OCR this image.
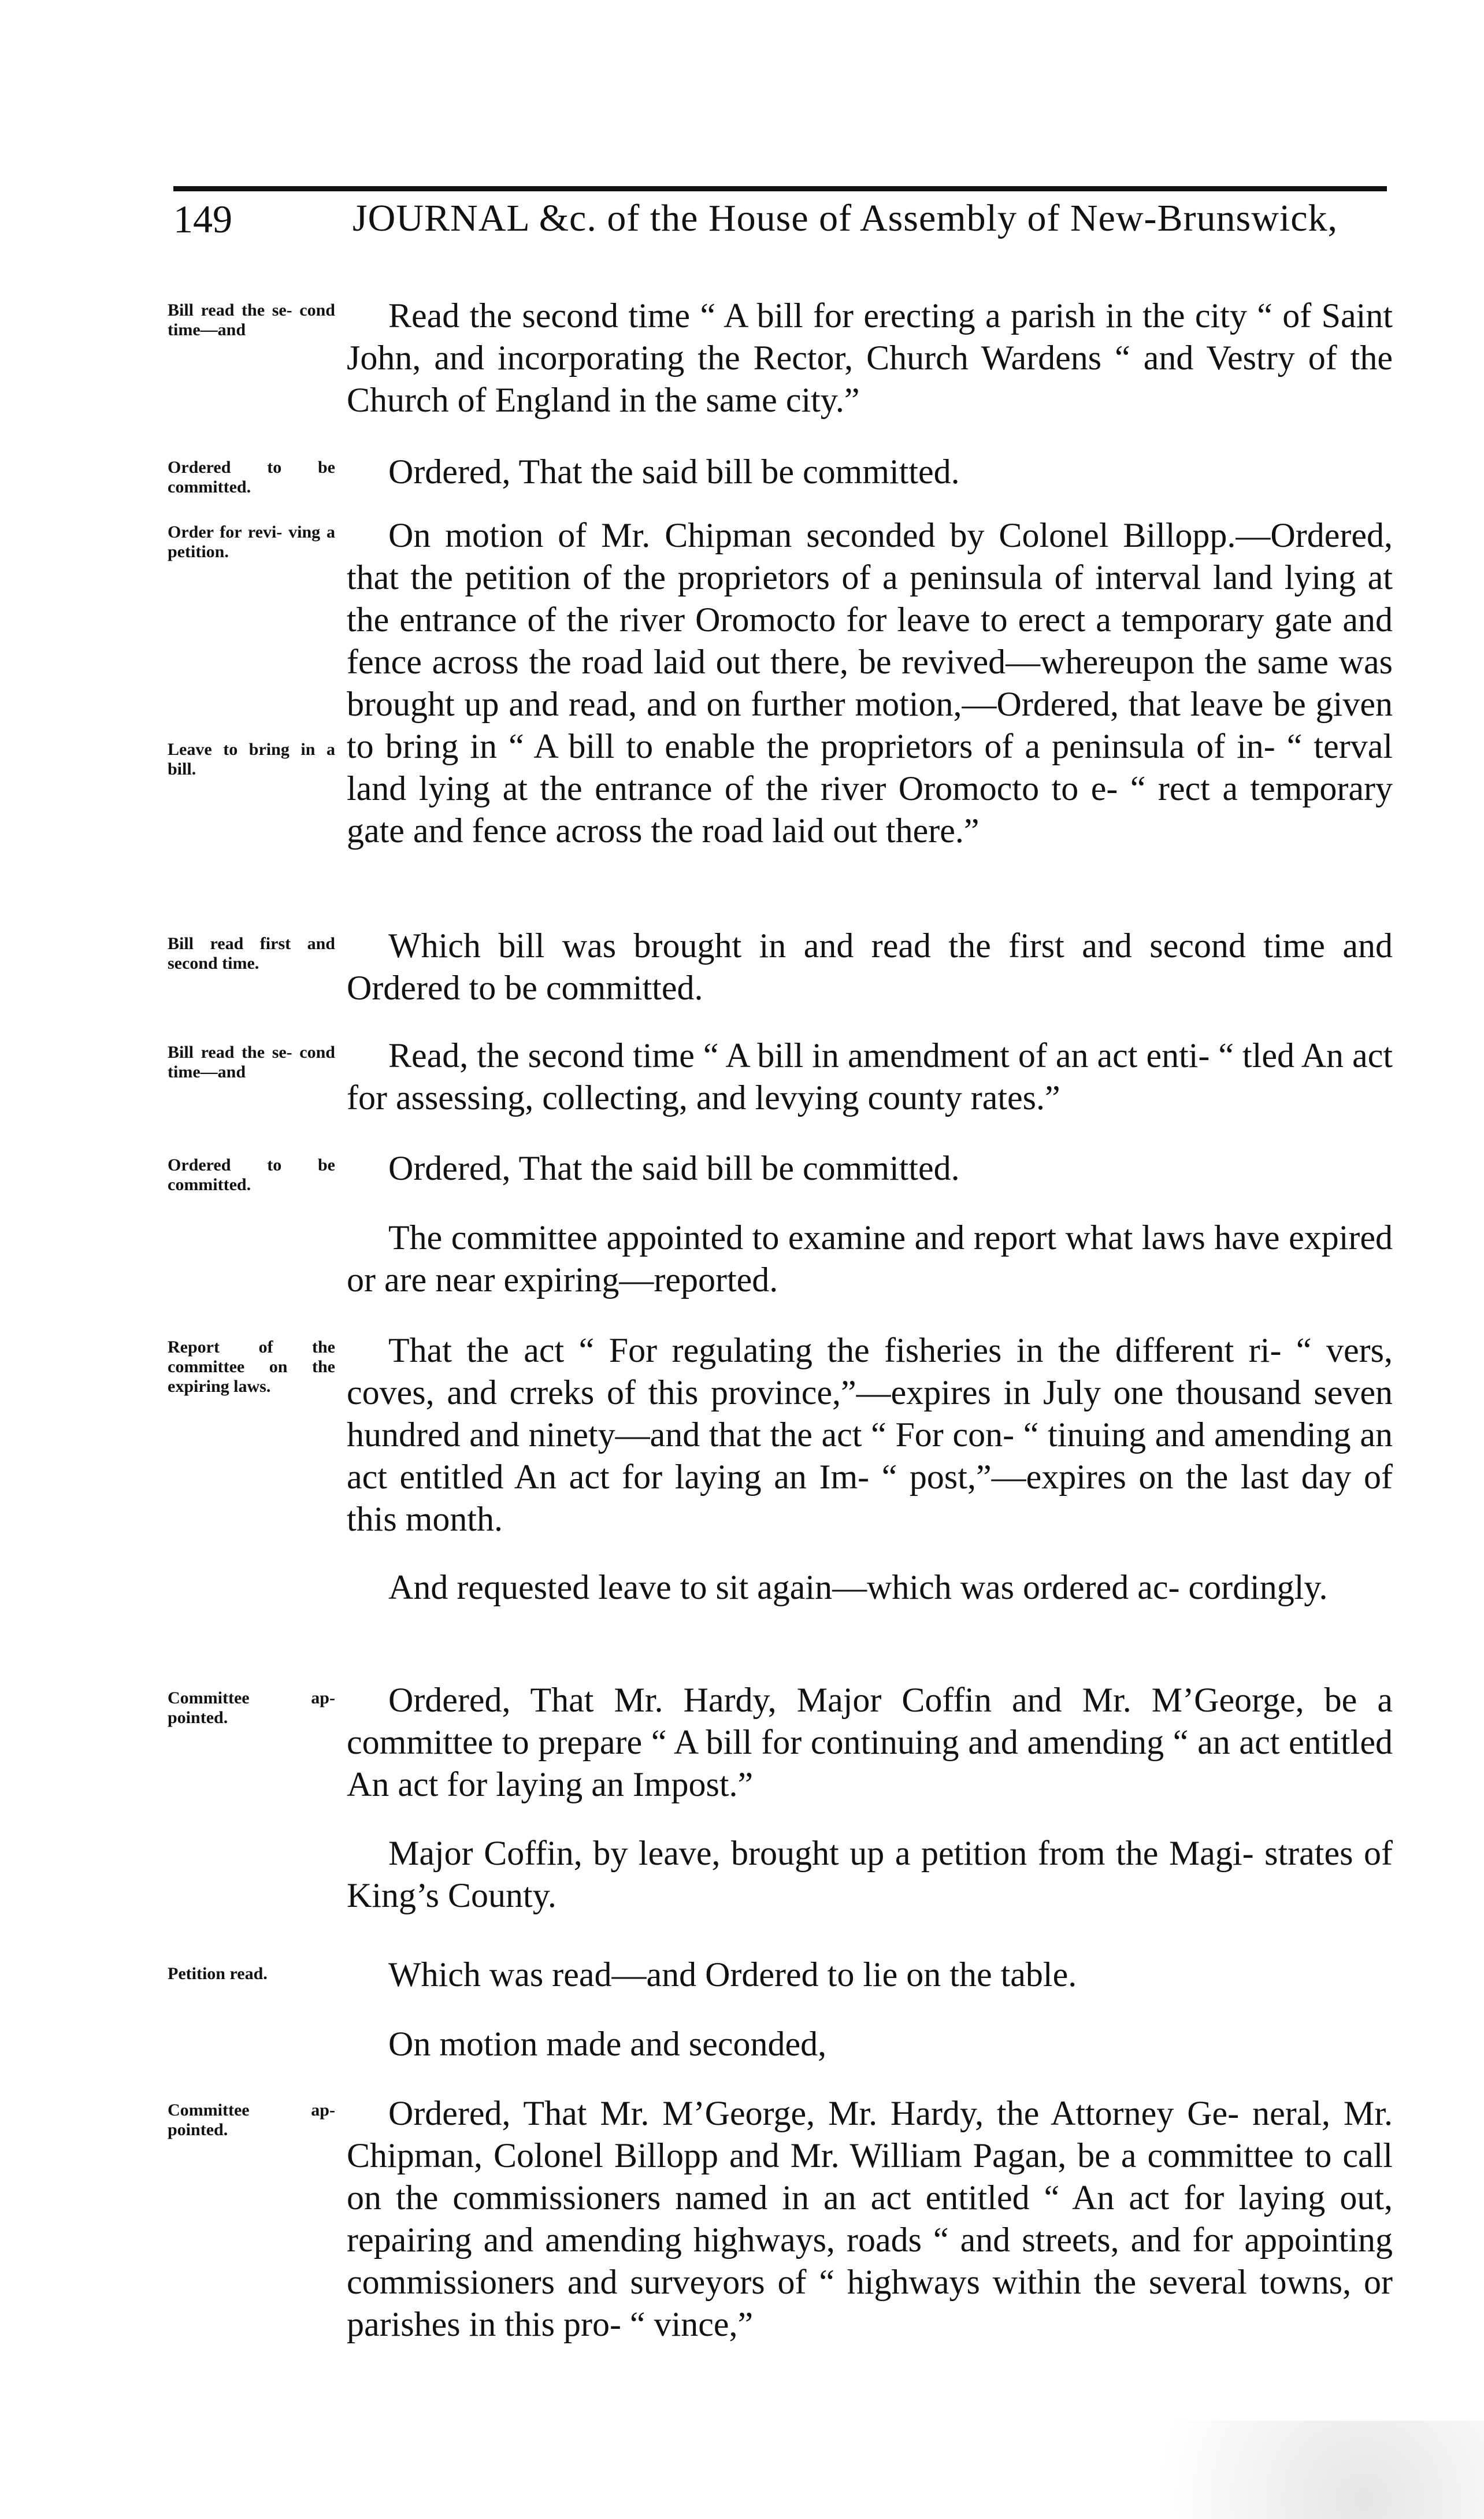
149	JOURNAL &c. of the House of Assembly of New-Brunswick,
Bill read the se- cond time—and	Read the second time “ A bill for erecting a parish in the city “ of Saint John, and incorporating the Rector, Church Wardens “ and Vestry of the Church of England in the same city.”

Ordered to be committed.	Ordered, That the said bill be committed.

Order for revi- ving a petition.
Leave to bring in a bill.

On motion of Mr. Chipman seconded by Colonel Billopp.—Ordered, that the petition of the proprietors of a peninsula of interval land lying at the entrance of the river Oromocto for leave to erect a temporary gate and fence across the road laid out there, be revived—whereupon the same was brought up and read, and on further motion,—Ordered, that leave be given to bring in “ A bill to enable the proprietors of a peninsula of in- “ terval land lying at the entrance of the river Oromocto to e- “ rect a temporary gate and fence across the road laid out there.”

Bill read first and second time.	Which bill was brought in and read the first and second time and Ordered to be committed.

Bill read the se- cond time—and	Read, the second time “ A bill in amendment of an act enti- “ tled An act for assessing, collecting, and levying county rates.”

Ordered to be committed.	Ordered, That the said bill be committed.

The committee appointed to examine and report what laws have expired or are near expiring—reported.

Report of the committee on the expiring laws.

That the act “ For regulating the fisheries in the different ri- “ vers, coves, and crreks of this province,”—expires in July one thousand seven hundred and ninety—and that the act “ For con- “ tinuing and amending an act entitled An act for laying an Im- “ post,”—expires on the last day of this month.

And requested leave to sit again—which was ordered ac- cordingly.

Committee ap- pointed.	Ordered, That Mr. Hardy, Major Coffin and Mr. M’George, be a committee to prepare “ A bill for continuing and amending “ an act entitled An act for laying an Impost.”

Major Coffin, by leave, brought up a petition from the Magi- strates of King’s County.

Petition read.	Which was read—and Ordered to lie on the table.

On motion made and seconded,

Committee ap- pointed.	Ordered, That Mr. M’George, Mr. Hardy, the Attorney Ge- neral, Mr. Chipman, Colonel Billopp and Mr. William Pagan, be a committee to call on the commissioners named in an act entitled “ An act for laying out, repairing and amending highways, roads “ and streets, and for appointing commissioners and surveyors of “ highways within the several towns, or parishes in this pro- “ vince,”
